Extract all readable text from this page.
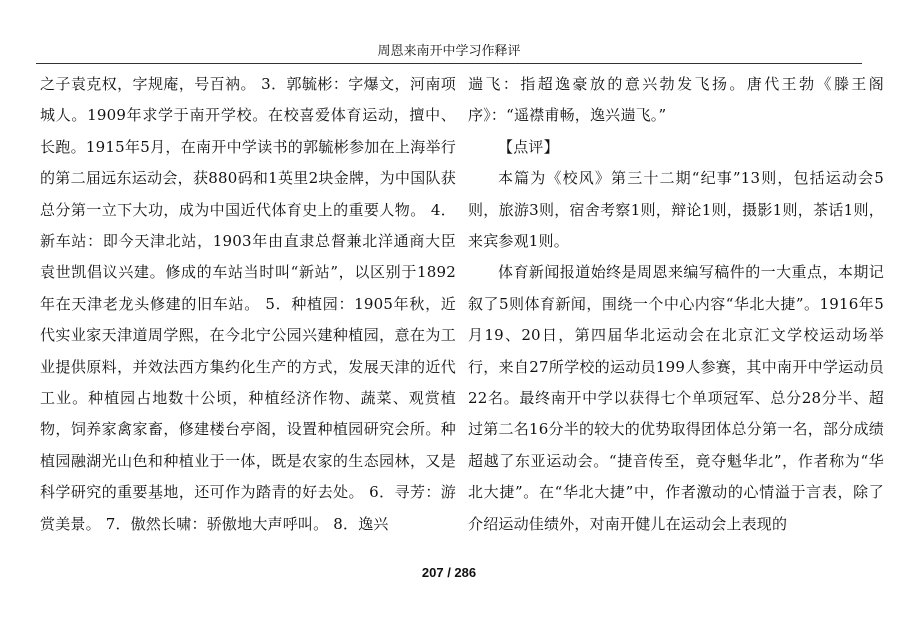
周恩来南开中学习作释评

之子袁克权，字规庵，号百衲。 3．郭毓彬：字爆文，河南项城人。1909年求学于南开学校。在校喜爱体育运动，擅中、长跑。1915年5月，在南开中学读书的郭毓彬参加在上海举行的第二届远东运动会，获880码和1英里2块金牌，为中国队获总分第一立下大功，成为中国近代体育史上的重要人物。 4．新车站：即今天津北站，1903年由直隶总督兼北洋通商大臣袁世凯倡议兴建。修成的车站当时叫“新站”，以区别于1892年在天津老龙头修建的旧车站。 5．种植园：1905年秋，近代实业家天津道周学熙，在今北宁公园兴建种植园，意在为工业提供原料，并效法西方集约化生产的方式，发展天津的近代工业。种植园占地数十公顷，种植经济作物、蔬菜、观赏植物，饲养家禽家畜，修建楼台亭阁，设置种植园研究会所。种植园融湖光山色和种植业于一体，既是农家的生态园林，又是科学研究的重要基地，还可作为踏青的好去处。 6．寻芳：游赏美景。 7．傲然长啸：骄傲地大声呼叫。 8．逸兴

遄飞：指超逸豪放的意兴勃发飞扬。唐代王勃《滕王阁序》：“遥襟甫畅，逸兴遄飞。”

【点评】

本篇为《校风》第三十二期“纪事”13则，包括运动会5则，旅游3则，宿舍考察1则，辩论1则，摄影1则，茶话1则，来宾参观1则。

体育新闻报道始终是周恩来编写稿件的一大重点，本期记叙了5则体育新闻，围绕一个中心内容“华北大捷”。1916年5月19、20日，第四届华北运动会在北京汇文学校运动场举行，来自27所学校的运动员199人参赛，其中南开中学运动员22名。最终南开中学以获得七个单项冠军、总分28分半、超过第二名16分半的较大的优势取得团体总分第一名，部分成绩超越了东亚运动会。“捷音传至，竟夺魁华北”，作者称为“华北大捷”。在“华北大捷”中，作者激动的心情溢于言表，除了介绍运动佳绩外，对南开健儿在运动会上表现的

207 / 286
